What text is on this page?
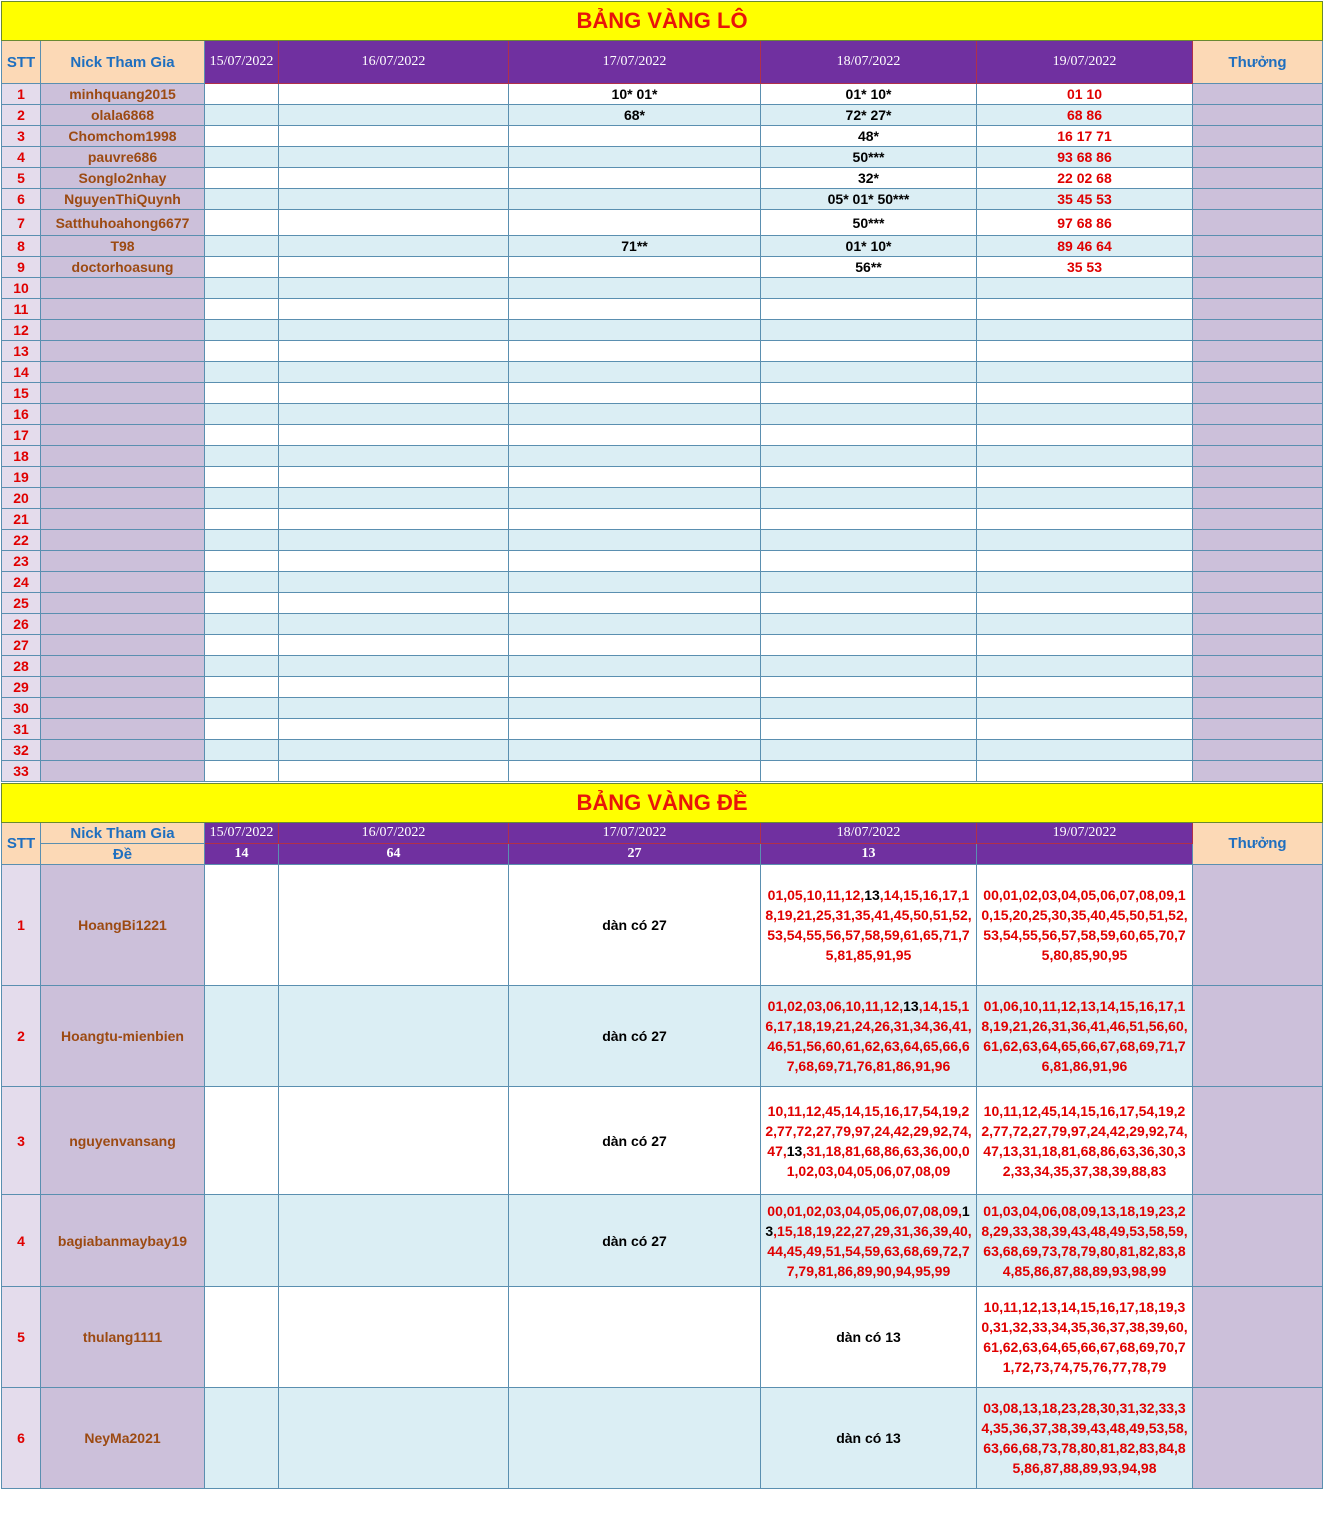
BẢNG VÀNG LÔ							
STT	Nick Tham Gia	15/07/2022	16/07/2022	17/07/2022	18/07/2022	19/07/2022	Thưởng
1	minhquang2015			10* 01*	01* 10*	01 10	
2	olala6868			68*	72* 27*	68 86	
3	Chomchom1998				48*	16 17 71	
4	pauvre686				50***	93 68 86	
5	Songlo2nhay				32*	22 02 68	
6	NguyenThiQuynh				05* 01* 50***	35 45 53	
7	Satthuhoahong6677				50***	97 68 86	
8	T98			71**	01* 10*	89 46 64	
9	doctorhoasung				56**	35 53	
10							
11							
12							
13							
14							
15							
16							
17							
18							
19							
20							
21							
22							
23							
24							
25							
26							
27							
28							
29							
30							
31							
32							
33							
BẢNG VÀNG ĐỀ							
STT	Nick Tham Gia	15/07/2022	16/07/2022	17/07/2022	18/07/2022	19/07/2022	Thưởng
	Đề	14	64	27	13		
1	HoangBi1221			dàn có 27	01,05,10,11,12,13,14,15,16,17,18,19,21,25,31,35,41,45,50,51,52,53,54,55,56,57,58,59,61,65,71,75,81,85,91,95	00,01,02,03,04,05,06,07,08,09,10,15,20,25,30,35,40,45,50,51,52,53,54,55,56,57,58,59,60,65,70,75,80,85,90,95	

2	Hoangtu-mienbien			dàn có 27	01,02,03,06,10,11,12,13,14,15,16,17,18,19,21,24,26,31,34,36,41,46,51,56,60,61,62,63,64,65,66,67,68,69,71,76,81,86,91,96	01,06,10,11,12,13,14,15,16,17,18,19,21,26,31,36,41,46,51,56,60,61,62,63,64,65,66,67,68,69,71,76,81,86,91,96	

3	nguyenvansang			dàn có 27	10,11,12,45,14,15,16,17,54,19,22,77,72,27,79,97,24,42,29,92,74,47,13,31,18,81,68,86,63,36,00,01,02,03,04,05,06,07,08,09	10,11,12,45,14,15,16,17,54,19,22,77,72,27,79,97,24,42,29,92,74,47,13,31,18,81,68,86,63,36,30,32,33,34,35,37,38,39,88,83	

4	bagiabanmaybay19			dàn có 27	00,01,02,03,04,05,06,07,08,09,13,15,18,19,22,27,29,31,36,39,40,44,45,49,51,54,59,63,68,69,72,77,79,81,86,89,90,94,95,99	01,03,04,06,08,09,13,18,19,23,28,29,33,38,39,43,48,49,53,58,59,63,68,69,73,78,79,80,81,82,83,84,85,86,87,88,89,93,98,99	

5	thulang1111				dàn có 13	10,11,12,13,14,15,16,17,18,19,30,31,32,33,34,35,36,37,38,39,60,61,62,63,64,65,66,67,68,69,70,71,72,73,74,75,76,77,78,79	

6	NeyMa2021				dàn có 13	03,08,13,18,23,28,30,31,32,33,34,35,36,37,38,39,43,48,49,53,58,63,66,68,73,78,80,81,82,83,84,85,86,87,88,89,93,94,98	
